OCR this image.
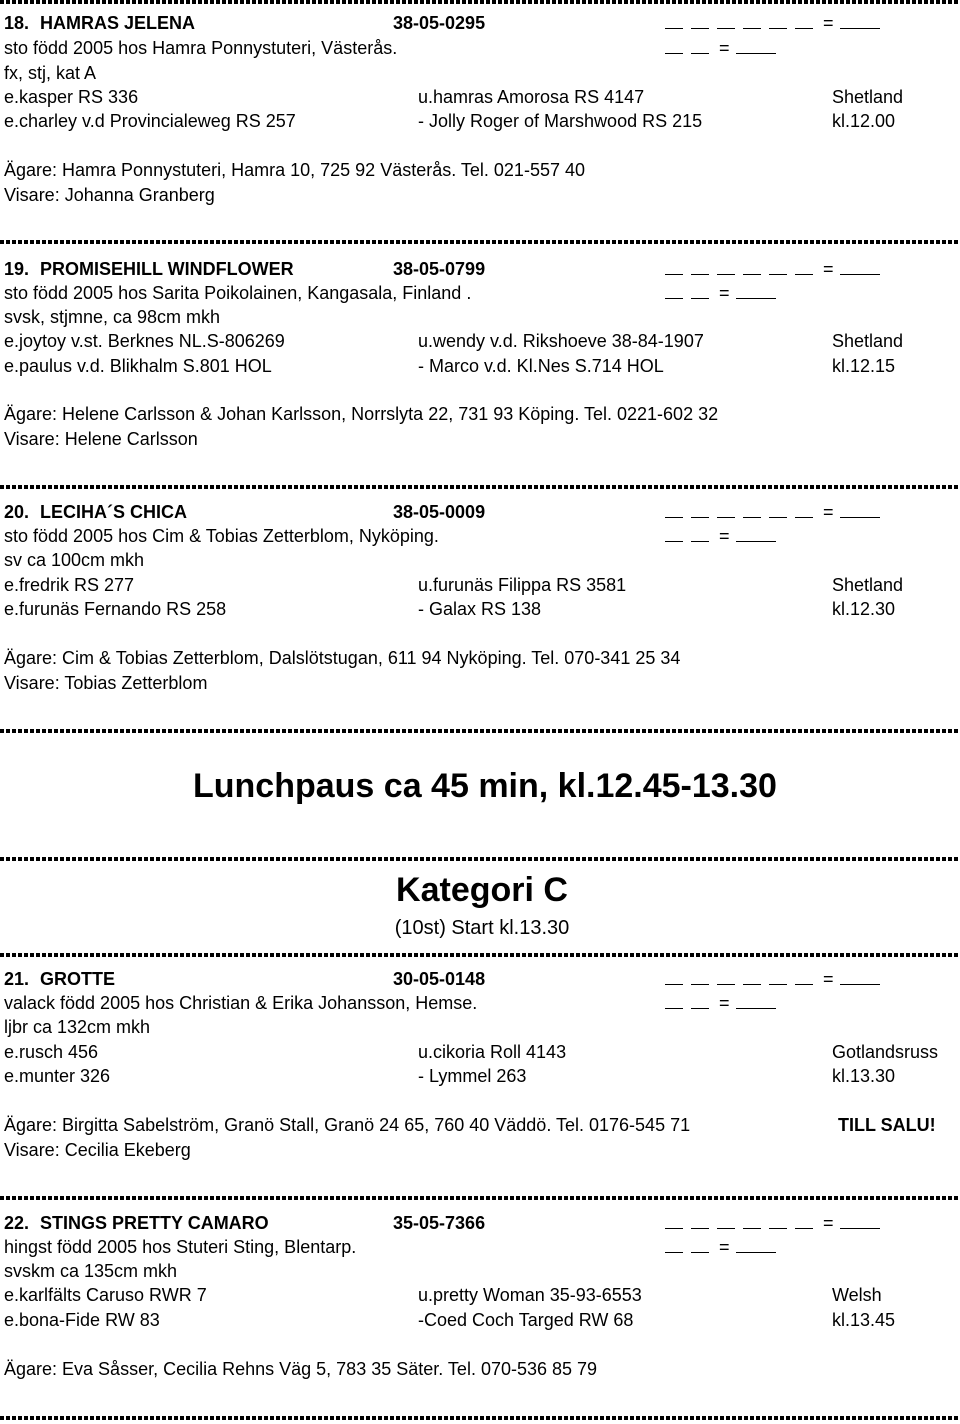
18. HAMRAS JELENA	38-05-0295	=
sto född 2005 hos Hamra Ponnystuteri, Västerås.	=
fx, stj, kat A
e.kasper RS 336	u.hamras Amorosa RS 4147	Shetland
e.charley v.d Provincialeweg RS 257	- Jolly Roger of Marshwood RS 215	kl.12.00
Ägare: Hamra Ponnystuteri, Hamra 10, 725 92 Västerås. Tel. 021-557 40
Visare: Johanna Granberg
19. PROMISEHILL WINDFLOWER	38-05-0799	=
sto född 2005 hos Sarita Poikolainen, Kangasala, Finland .	=
svsk, stjmne, ca 98cm mkh
e.joytoy v.st. Berknes NL.S-806269	u.wendy v.d. Rikshoeve 38-84-1907	Shetland
e.paulus v.d. Blikhalm S.801 HOL	- Marco v.d. Kl.Nes S.714 HOL	kl.12.15
Ägare: Helene Carlsson & Johan Karlsson, Norrslyta 22, 731 93 Köping. Tel. 0221-602 32
Visare: Helene Carlsson
20. LECIHA´S CHICA	38-05-0009	=
sto född 2005 hos Cim & Tobias Zetterblom, Nyköping.	=
sv ca 100cm mkh
e.fredrik RS 277	u.furunäs Filippa RS 3581	Shetland
e.furunäs Fernando RS 258	- Galax RS 138	kl.12.30
Ägare: Cim & Tobias Zetterblom, Dalslötstugan, 611 94 Nyköping. Tel. 070-341 25 34
Visare: Tobias Zetterblom
Lunchpaus ca 45 min, kl.12.45-13.30
Kategori C
(10st) Start kl.13.30
21. GROTTE	30-05-0148	=
valack född 2005 hos Christian & Erika Johansson, Hemse.	=
ljbr ca 132cm mkh
e.rusch 456	u.cikoria Roll 4143	Gotlandsruss
e.munter 326	- Lymmel 263	kl.13.30
Ägare: Birgitta Sabelström, Granö Stall, Granö 24 65, 760 40 Väddö. Tel. 0176-545 71	TILL SALU!
Visare: Cecilia Ekeberg
22. STINGS PRETTY CAMARO	35-05-7366	=
hingst född 2005 hos Stuteri Sting, Blentarp.	=
svskm ca 135cm mkh
e.karlfälts Caruso RWR 7	u.pretty Woman 35-93-6553	Welsh
e.bona-Fide RW 83	-Coed Coch Targed RW 68	kl.13.45
Ägare: Eva Såsser, Cecilia Rehns Väg 5, 783 35 Säter. Tel. 070-536 85 79
